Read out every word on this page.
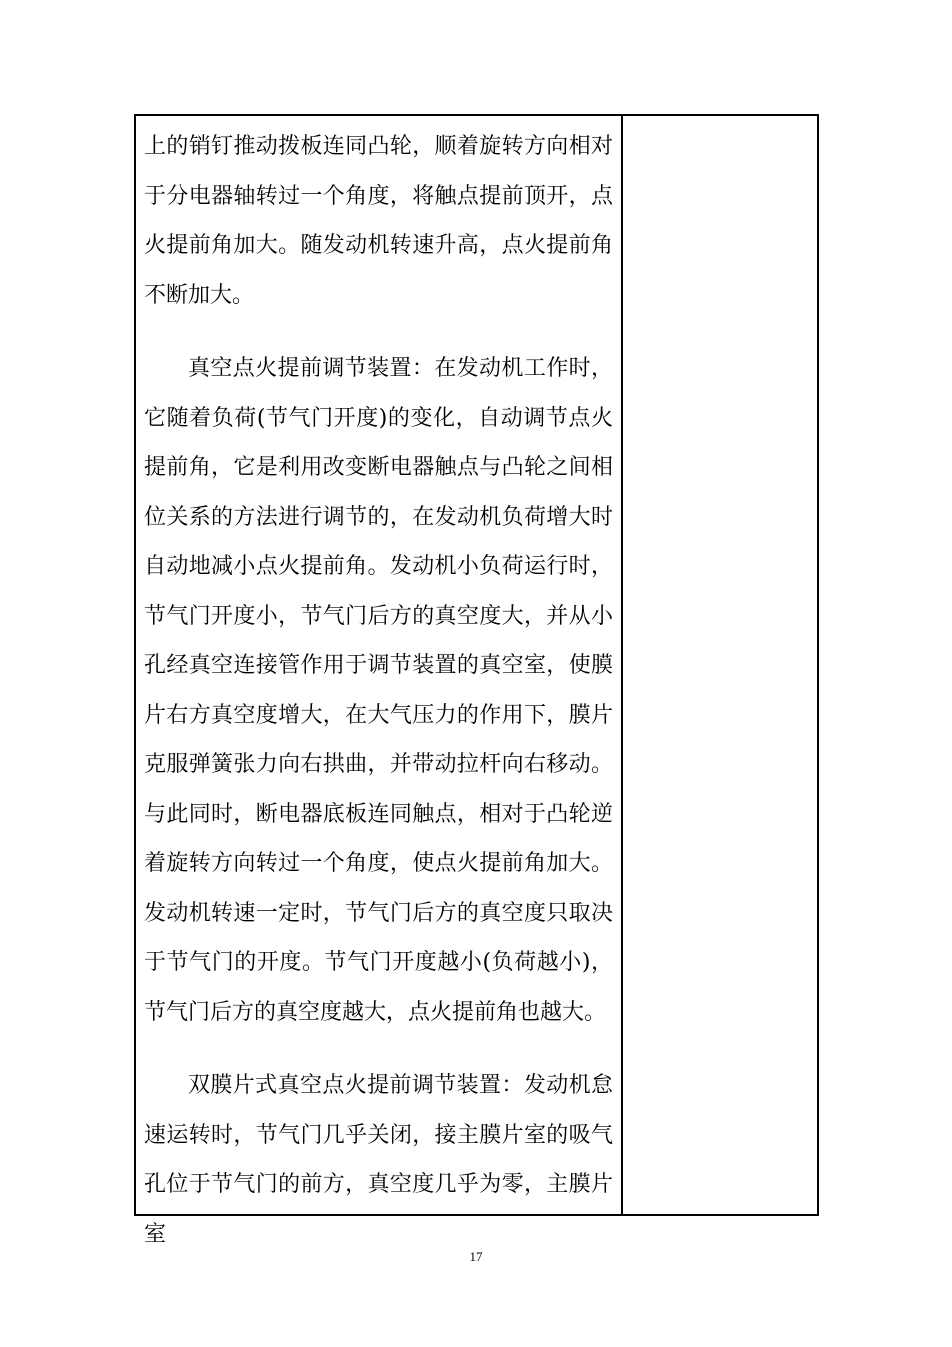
上的销钉推动拨板连同凸轮，顺着旋转方向相对于分电器轴转过一个角度，将触点提前顶开，点火提前角加大。随发动机转速升高，点火提前角不断加大。

真空点火提前调节装置：在发动机工作时，它随着负荷(节气门开度)的变化，自动调节点火提前角，它是利用改变断电器触点与凸轮之间相位关系的方法进行调节的，在发动机负荷增大时自动地减小点火提前角。发动机小负荷运行时，节气门开度小，节气门后方的真空度大，并从小孔经真空连接管作用于调节装置的真空室，使膜片右方真空度增大，在大气压力的作用下，膜片克服弹簧张力向右拱曲，并带动拉杆向右移动。与此同时，断电器底板连同触点，相对于凸轮逆着旋转方向转过一个角度，使点火提前角加大。发动机转速一定时，节气门后方的真空度只取决于节气门的开度。节气门开度越小(负荷越小)，节气门后方的真空度越大，点火提前角也越大。

双膜片式真空点火提前调节装置：发动机怠速运转时，节气门几乎关闭，接主膜片室的吸气孔位于节气门的前方，真空度几乎为零，主膜片室

17
